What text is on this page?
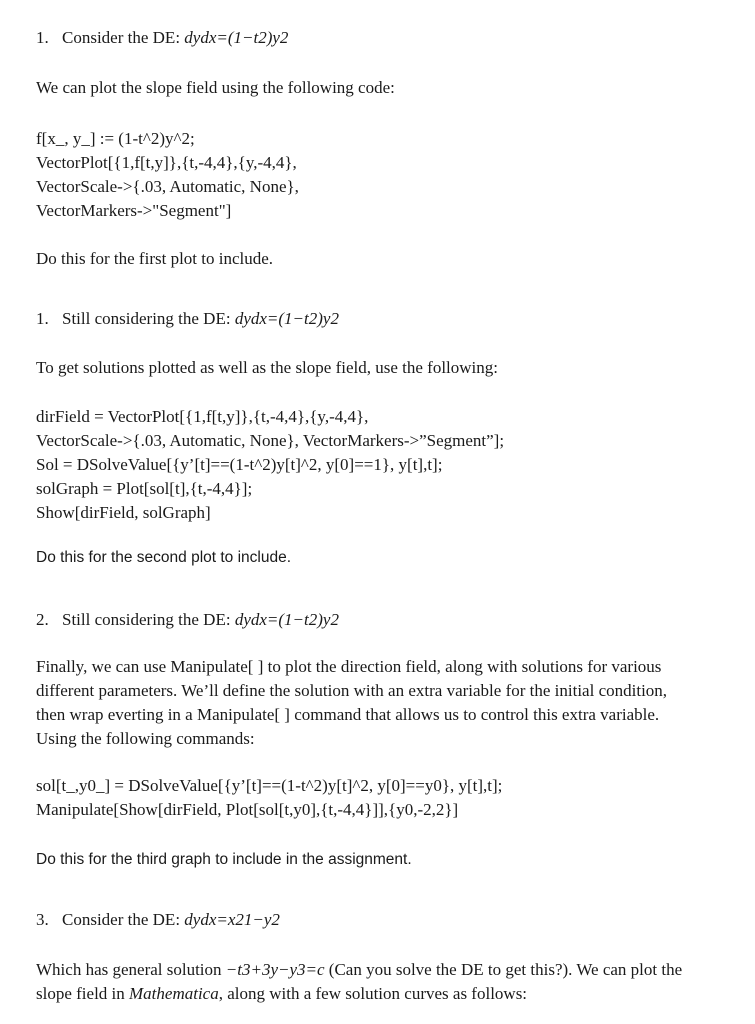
1. Consider the DE: dydx=(1−t2)y2
We can plot the slope field using the following code:
f[x_, y_] := (1-t^2)y^2;
VectorPlot[{1,f[t,y]},{t,-4,4},{y,-4,4},
VectorScale->{.03, Automatic, None},
VectorMarkers->"Segment"]
Do this for the first plot to include.
1. Still considering the DE: dydx=(1−t2)y2
To get solutions plotted as well as the slope field, use the following:
dirField = VectorPlot[{1,f[t,y]},{t,-4,4},{y,-4,4},
VectorScale->{.03, Automatic, None}, VectorMarkers->”Segment”];
Sol = DSolveValue[{y’[t]==(1-t^2)y[t]^2, y[0]==1}, y[t],t];
solGraph = Plot[sol[t],{t,-4,4}];
Show[dirField, solGraph]
Do this for the second plot to include.
2. Still considering the DE: dydx=(1−t2)y2
Finally, we can use Manipulate[ ] to plot the direction field, along with solutions for various
different parameters. We’ll define the solution with an extra variable for the initial condition,
then wrap everting in a Manipulate[ ] command that allows us to control this extra variable.
Using the following commands:
sol[t_,y0_] = DSolveValue[{y’[t]==(1-t^2)y[t]^2, y[0]==y0}, y[t],t];
Manipulate[Show[dirField, Plot[sol[t,y0],{t,-4,4}]],{y0,-2,2}]
Do this for the third graph to include in the assignment.
3. Consider the DE: dydx=x21−y2
Which has general solution −t3+3y−y3=c (Can you solve the DE to get this?). We can plot the
slope field in Mathematica, along with a few solution curves as follows:
